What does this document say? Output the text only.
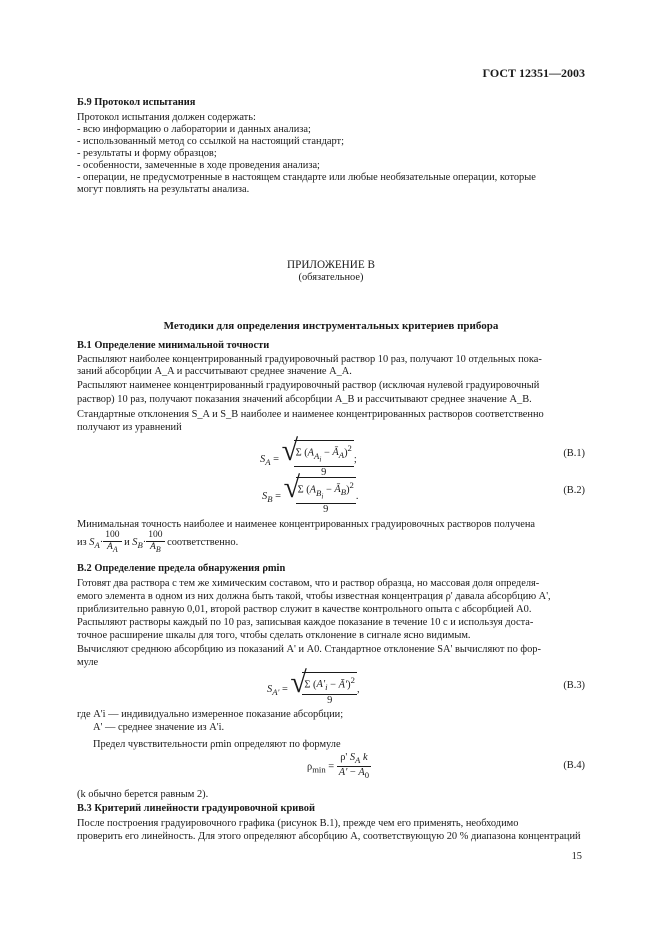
ГОСТ 12351—2003
Б.9 Протокол испытания
Протокол испытания должен содержать:
- всю информацию о лаборатории и данных анализа;
- использованный метод со ссылкой на настоящий стандарт;
- результаты и форму образцов;
- особенности, замеченные в ходе проведения анализа;
- операции, не предусмотренные в настоящем стандарте или любые необязательные операции, которые
могут повлиять на результаты анализа.
ПРИЛОЖЕНИЕ В
(обязательное)
Методики для определения инструментальных критериев прибора
В.1 Определение минимальной точности
Распыляют наиболее концентрированный градуировочный раствор 10 раз, получают 10 отдельных пока-
заний абсорбции A_A и рассчитывают среднее значение A_A.
Распыляют наименее концентрированный градуировочный раствор (исключая нулевой градуировочный
раствор) 10 раз, получают показания значений абсорбции A_B и рассчитывают среднее значение A_B.
Стандартные отклонения S_A и S_B наиболее и наименее концентрированных растворов соответственно
получают из уравнений
$S_A$ = √
$\frac{\Sigma (A_{A_i} - Ā_A)^2}{9}$ ;
(В.1)
$S_B$ = √
$\frac{\Sigma (A_{B_i} - Ā_B)^2}{9}$ .
(В.2)
Минимальная точность наиболее и наименее концентрированных градуировочных растворов получена
из $S_A\cdot \frac{100}{A_A}$ и $S_B\cdot \frac{100}{A_B}$ соответственно.
В.2 Определение предела обнаружения ρmin
Готовят два раствора с тем же химическим составом, что и раствор образца, но массовая доля определя-
емого элемента в одном из них должна быть такой, чтобы известная концентрация ρ' давала абсорбцию A',
приблизительно равную 0,01, второй раствор служит в качестве контрольного опыта с абсорбцией A0.
Распыляют растворы каждый по 10 раз, записывая каждое показание в течение 10 с и используя доста-
точное расширение шкалы для того, чтобы сделать отклонение в сигнале ясно видимым.
Вычисляют среднюю абсорбцию из показаний A' и A0. Стандартное отклонение SA' вычисляют по фор-
муле
$S_{A'}$ = √
$\frac{\Sigma (A'_i - Ā')^2}{9}$ ,	(В.3)
где A'i — индивидуально измеренное показание абсорбции;
A' — среднее значение из A'i.
Предел чувствительности ρmin определяют по формуле
$\rho_{min} = \frac{\rho' S_A k}{A' - A_0}$	(В.4)
(k обычно берется равным 2).
В.3 Критерий линейности градуировочной кривой
После построения градуировочного графика (рисунок В.1), прежде чем его применять, необходимо
проверить его линейность. Для этого определяют абсорбцию A, соответствующую 20 % диапазона концентраций
15
